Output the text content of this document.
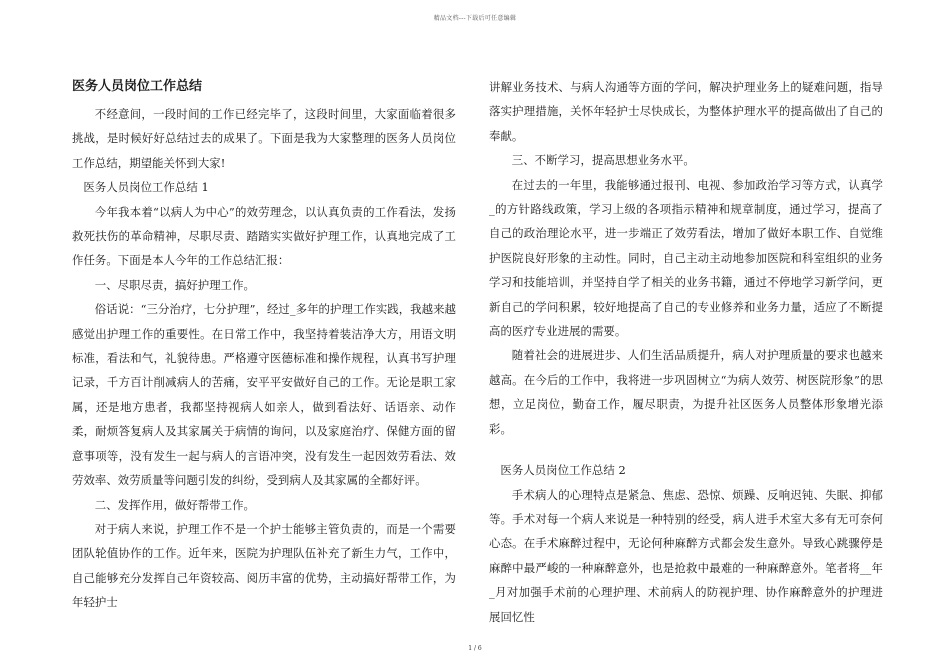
精品文档---下载后可任意编辑
医务人员岗位工作总结

不经意间，一段时间的工作已经完毕了，这段时间里，大家面临着很多挑战，是时候好好总结过去的成果了。下面是我为大家整理的医务人员岗位工作总结，期望能关怀到大家!

医务人员岗位工作总结 1

今年我本着“以病人为中心”的效劳理念，以认真负责的工作看法，发扬救死扶伤的革命精神，尽职尽责、踏踏实实做好护理工作，认真地完成了工作任务。下面是本人今年的工作总结汇报：

一、尽职尽责，搞好护理工作。

俗话说：“三分治疗，七分护理”，经过_多年的护理工作实践，我越来越感觉出护理工作的重要性。在日常工作中，我坚持着装洁净大方，用语文明标准，看法和气，礼貌待患。严格遵守医德标准和操作规程，认真书写护理记录，千方百计削减病人的苦痛，安平平安做好自己的工作。无论是职工家属，还是地方患者，我都坚持视病人如亲人，做到看法好、话语亲、动作柔，耐烦答复病人及其家属关于病情的询问，以及家庭治疗、保健方面的留意事项等，没有发生一起与病人的言语冲突，没有发生一起因效劳看法、效劳效率、效劳质量等问题引发的纠纷，受到病人及其家属的全都好评。

二、发挥作用，做好帮带工作。

对于病人来说，护理工作不是一个护士能够主管负责的，而是一个需要团队轮值协作的工作。近年来，医院为护理队伍补充了新生力气，工作中，自己能够充分发挥自己年资较高、阅历丰富的优势，主动搞好帮带工作，为年轻护士

讲解业务技术、与病人沟通等方面的学问，解决护理业务上的疑难问题，指导落实护理措施，关怀年轻护士尽快成长，为整体护理水平的提高做出了自己的奉献。

三、不断学习，提高思想业务水平。

在过去的一年里，我能够通过报刊、电视、参加政治学习等方式，认真学_的方针路线政策，学习上级的各项指示精神和规章制度，通过学习，提高了自己的政治理论水平，进一步端正了效劳看法，增加了做好本职工作、自觉维护医院良好形象的主动性。同时，自己主动主动地参加医院和科室组织的业务学习和技能培训，并坚持自学了相关的业务书籍，通过不停地学习新学问，更新自己的学问积累，较好地提高了自己的专业修养和业务力量，适应了不断提高的医疗专业进展的需要。

随着社会的进展进步、人们生活品质提升，病人对护理质量的要求也越来越高。在今后的工作中，我将进一步巩固树立“为病人效劳、树医院形象”的思想，立足岗位，勤奋工作，履尽职责，为提升社区医务人员整体形象增光添彩。

医务人员岗位工作总结 2

手术病人的心理特点是紧急、焦虑、恐惊、烦躁、反响迟钝、失眠、抑郁等。手术对每一个病人来说是一种特别的经受，病人进手术室大多有无可奈何心态。在手术麻醉过程中，无论何种麻醉方式都会发生意外。导致心跳骤停是麻醉中最严峻的一种麻醉意外，也是抢救中最难的一种麻醉意外。笔者将__年_月对加强手术前的心理护理、术前病人的防视护理、协作麻醉意外的护理进展回忆性

1 / 6
